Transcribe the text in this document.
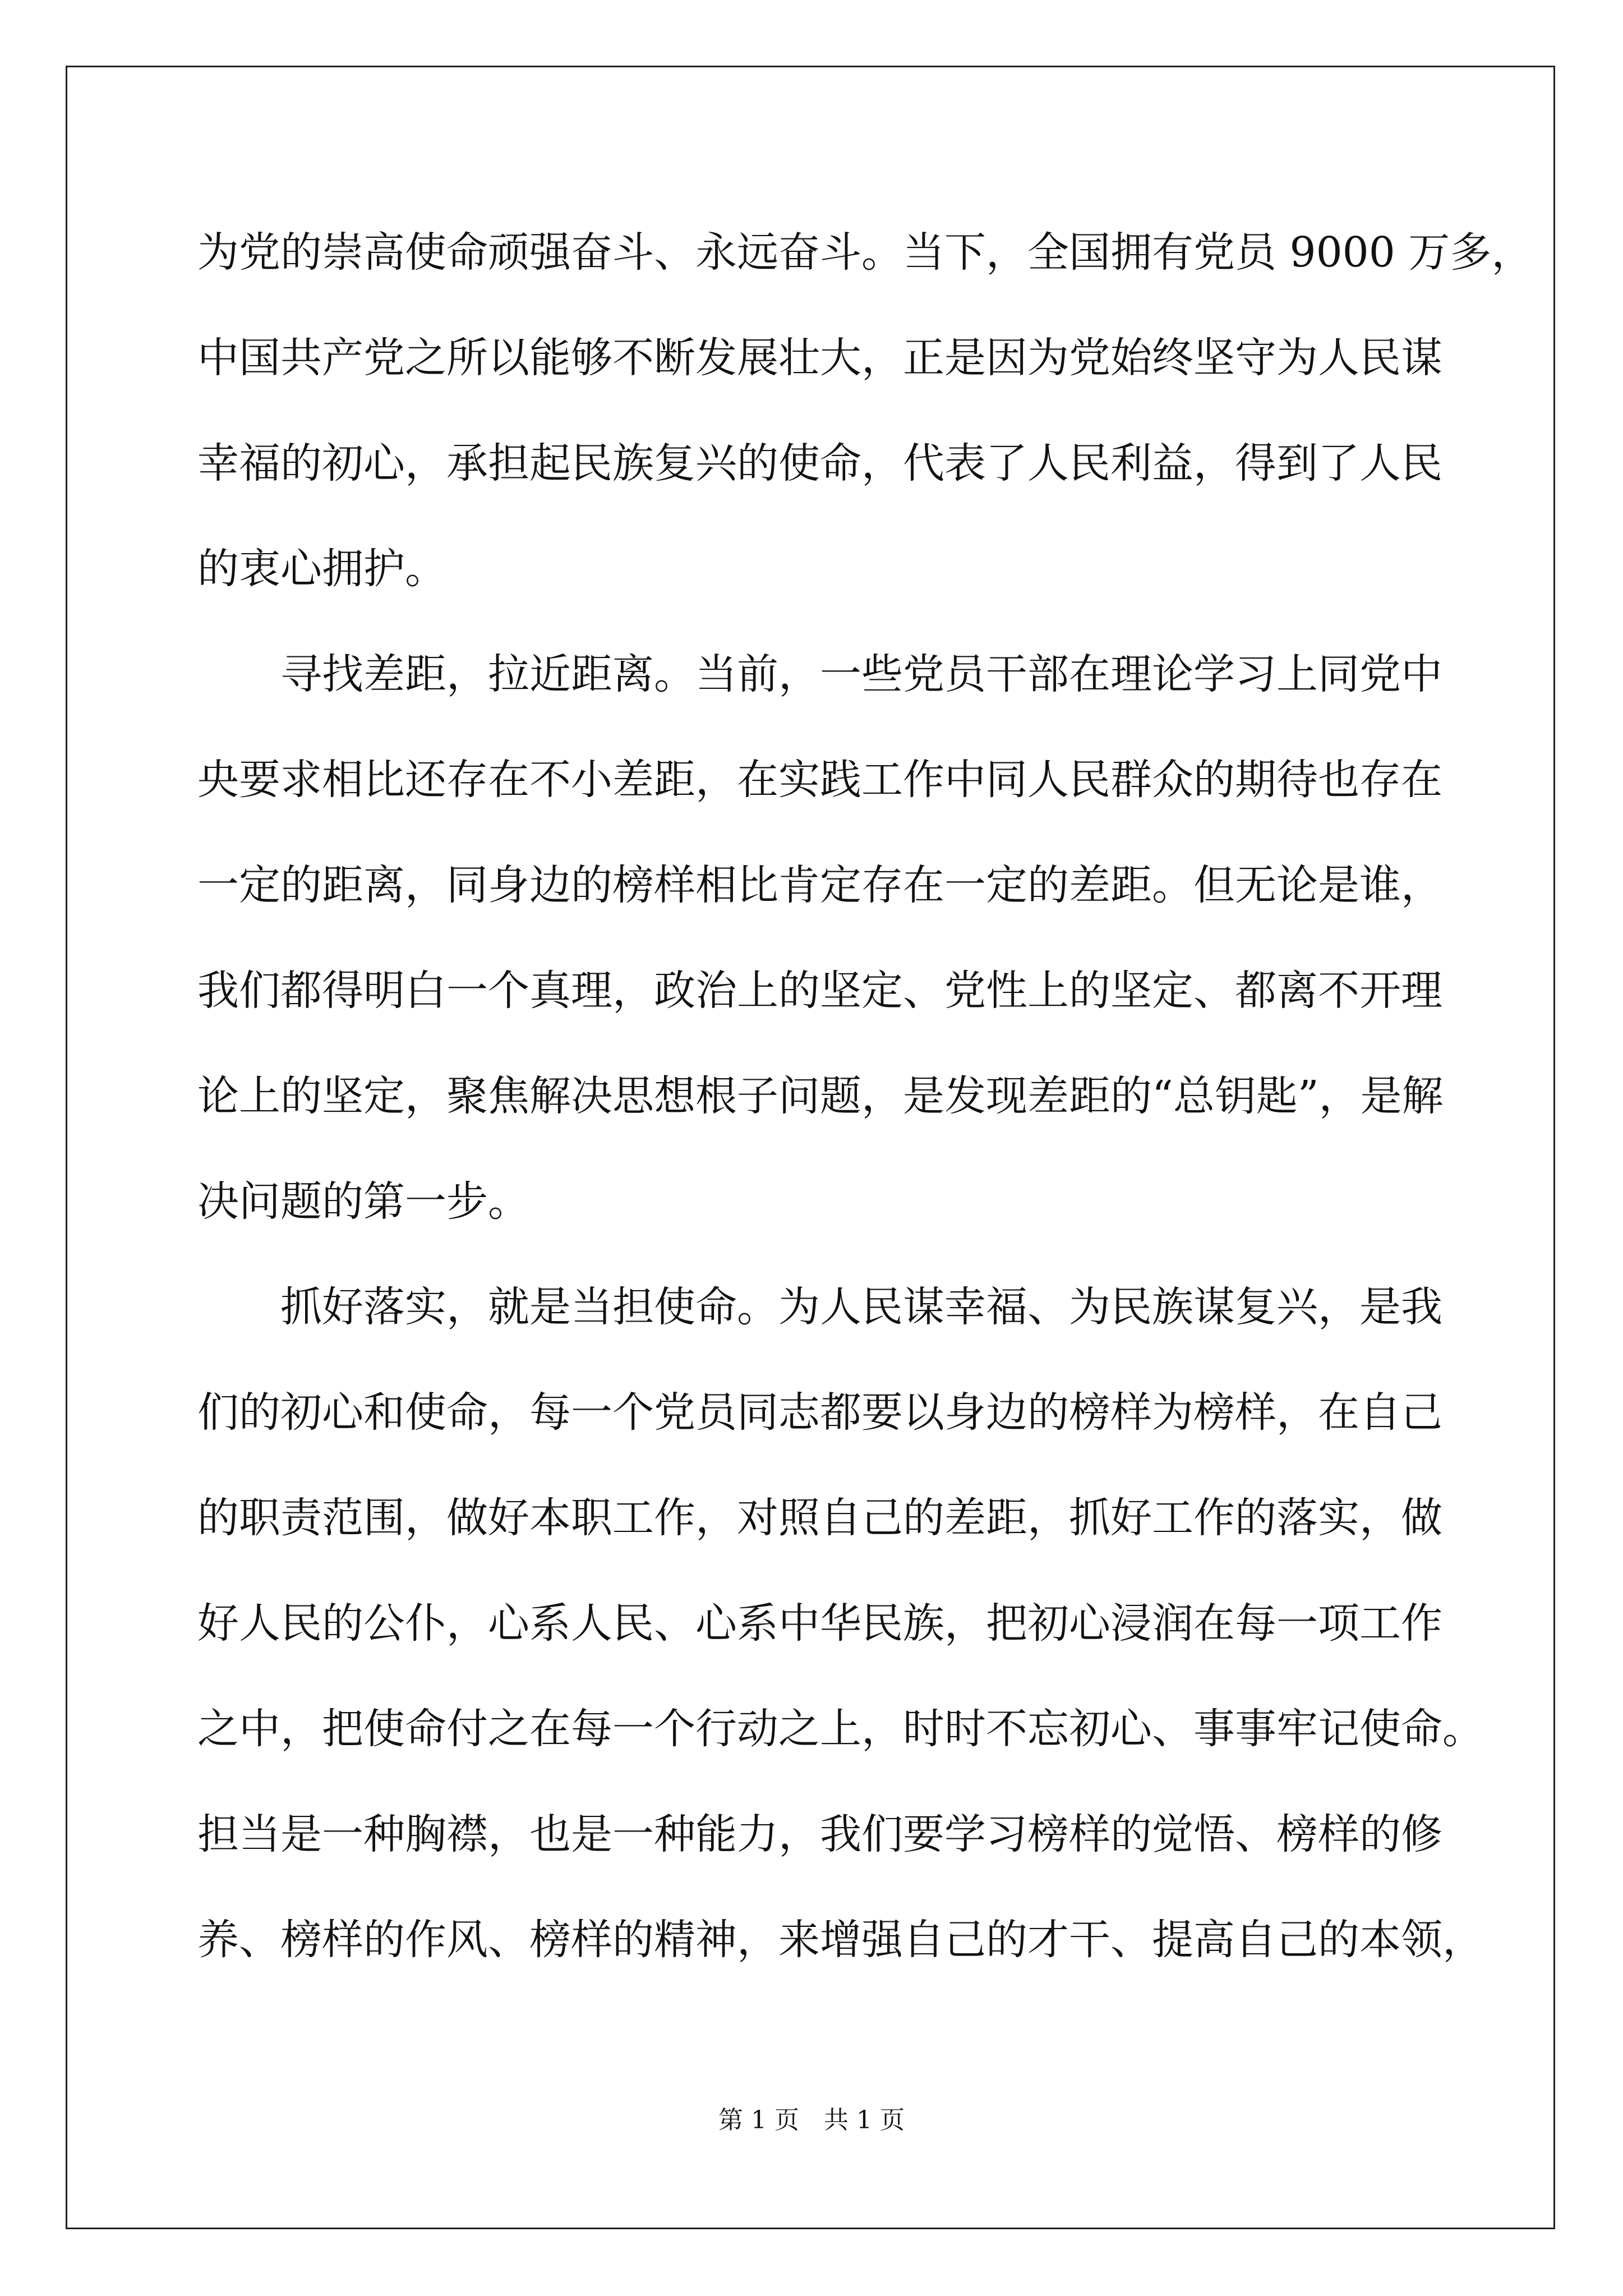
为党的崇高使命顽强奋斗、永远奋斗。当下，全国拥有党员 9000 万多，
中国共产党之所以能够不断发展壮大，正是因为党始终坚守为人民谋
幸福的初心，承担起民族复兴的使命，代表了人民利益，得到了人民
的衷心拥护。
　　寻找差距，拉近距离。当前，一些党员干部在理论学习上同党中
央要求相比还存在不小差距，在实践工作中同人民群众的期待也存在
一定的距离，同身边的榜样相比肯定存在一定的差距。但无论是谁，
我们都得明白一个真理，政治上的坚定、党性上的坚定、都离不开理
论上的坚定，聚焦解决思想根子问题，是发现差距的“总钥匙”，是解
决问题的第一步。
　　抓好落实，就是当担使命。为人民谋幸福、为民族谋复兴，是我
们的初心和使命，每一个党员同志都要以身边的榜样为榜样，在自己
的职责范围，做好本职工作，对照自己的差距，抓好工作的落实，做
好人民的公仆，心系人民、心系中华民族，把初心浸润在每一项工作
之中，把使命付之在每一个行动之上，时时不忘初心、事事牢记使命。
担当是一种胸襟，也是一种能力，我们要学习榜样的觉悟、榜样的修
养、榜样的作风、榜样的精神，来增强自己的才干、提高自己的本领，
第 1 页　共 1 页
